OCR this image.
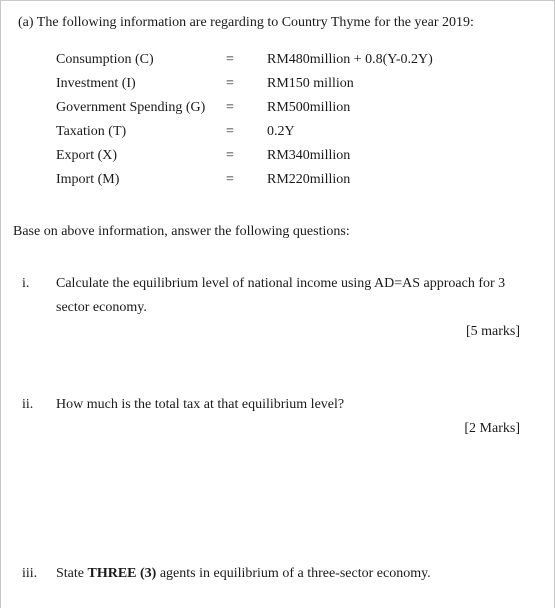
(a) The following information are regarding to Country Thyme for the year 2019:
Consumption (C)	= RM480million + 0.8(Y-0.2Y)
Investment (I)	= RM150 million
Government Spending (G) = RM500million
Taxation (T)	= 0.2Y
Export (X)	= RM340million
Import (M)	= RM220million
Base on above information, answer the following questions:
i. Calculate the equilibrium level of national income using AD=AS approach for 3
sector economy.
[5 marks]
ii. How much is the total tax at that equilibrium level?
[2 Marks]
iii. State THREE (3) agents in equilibrium of a three-sector economy.
